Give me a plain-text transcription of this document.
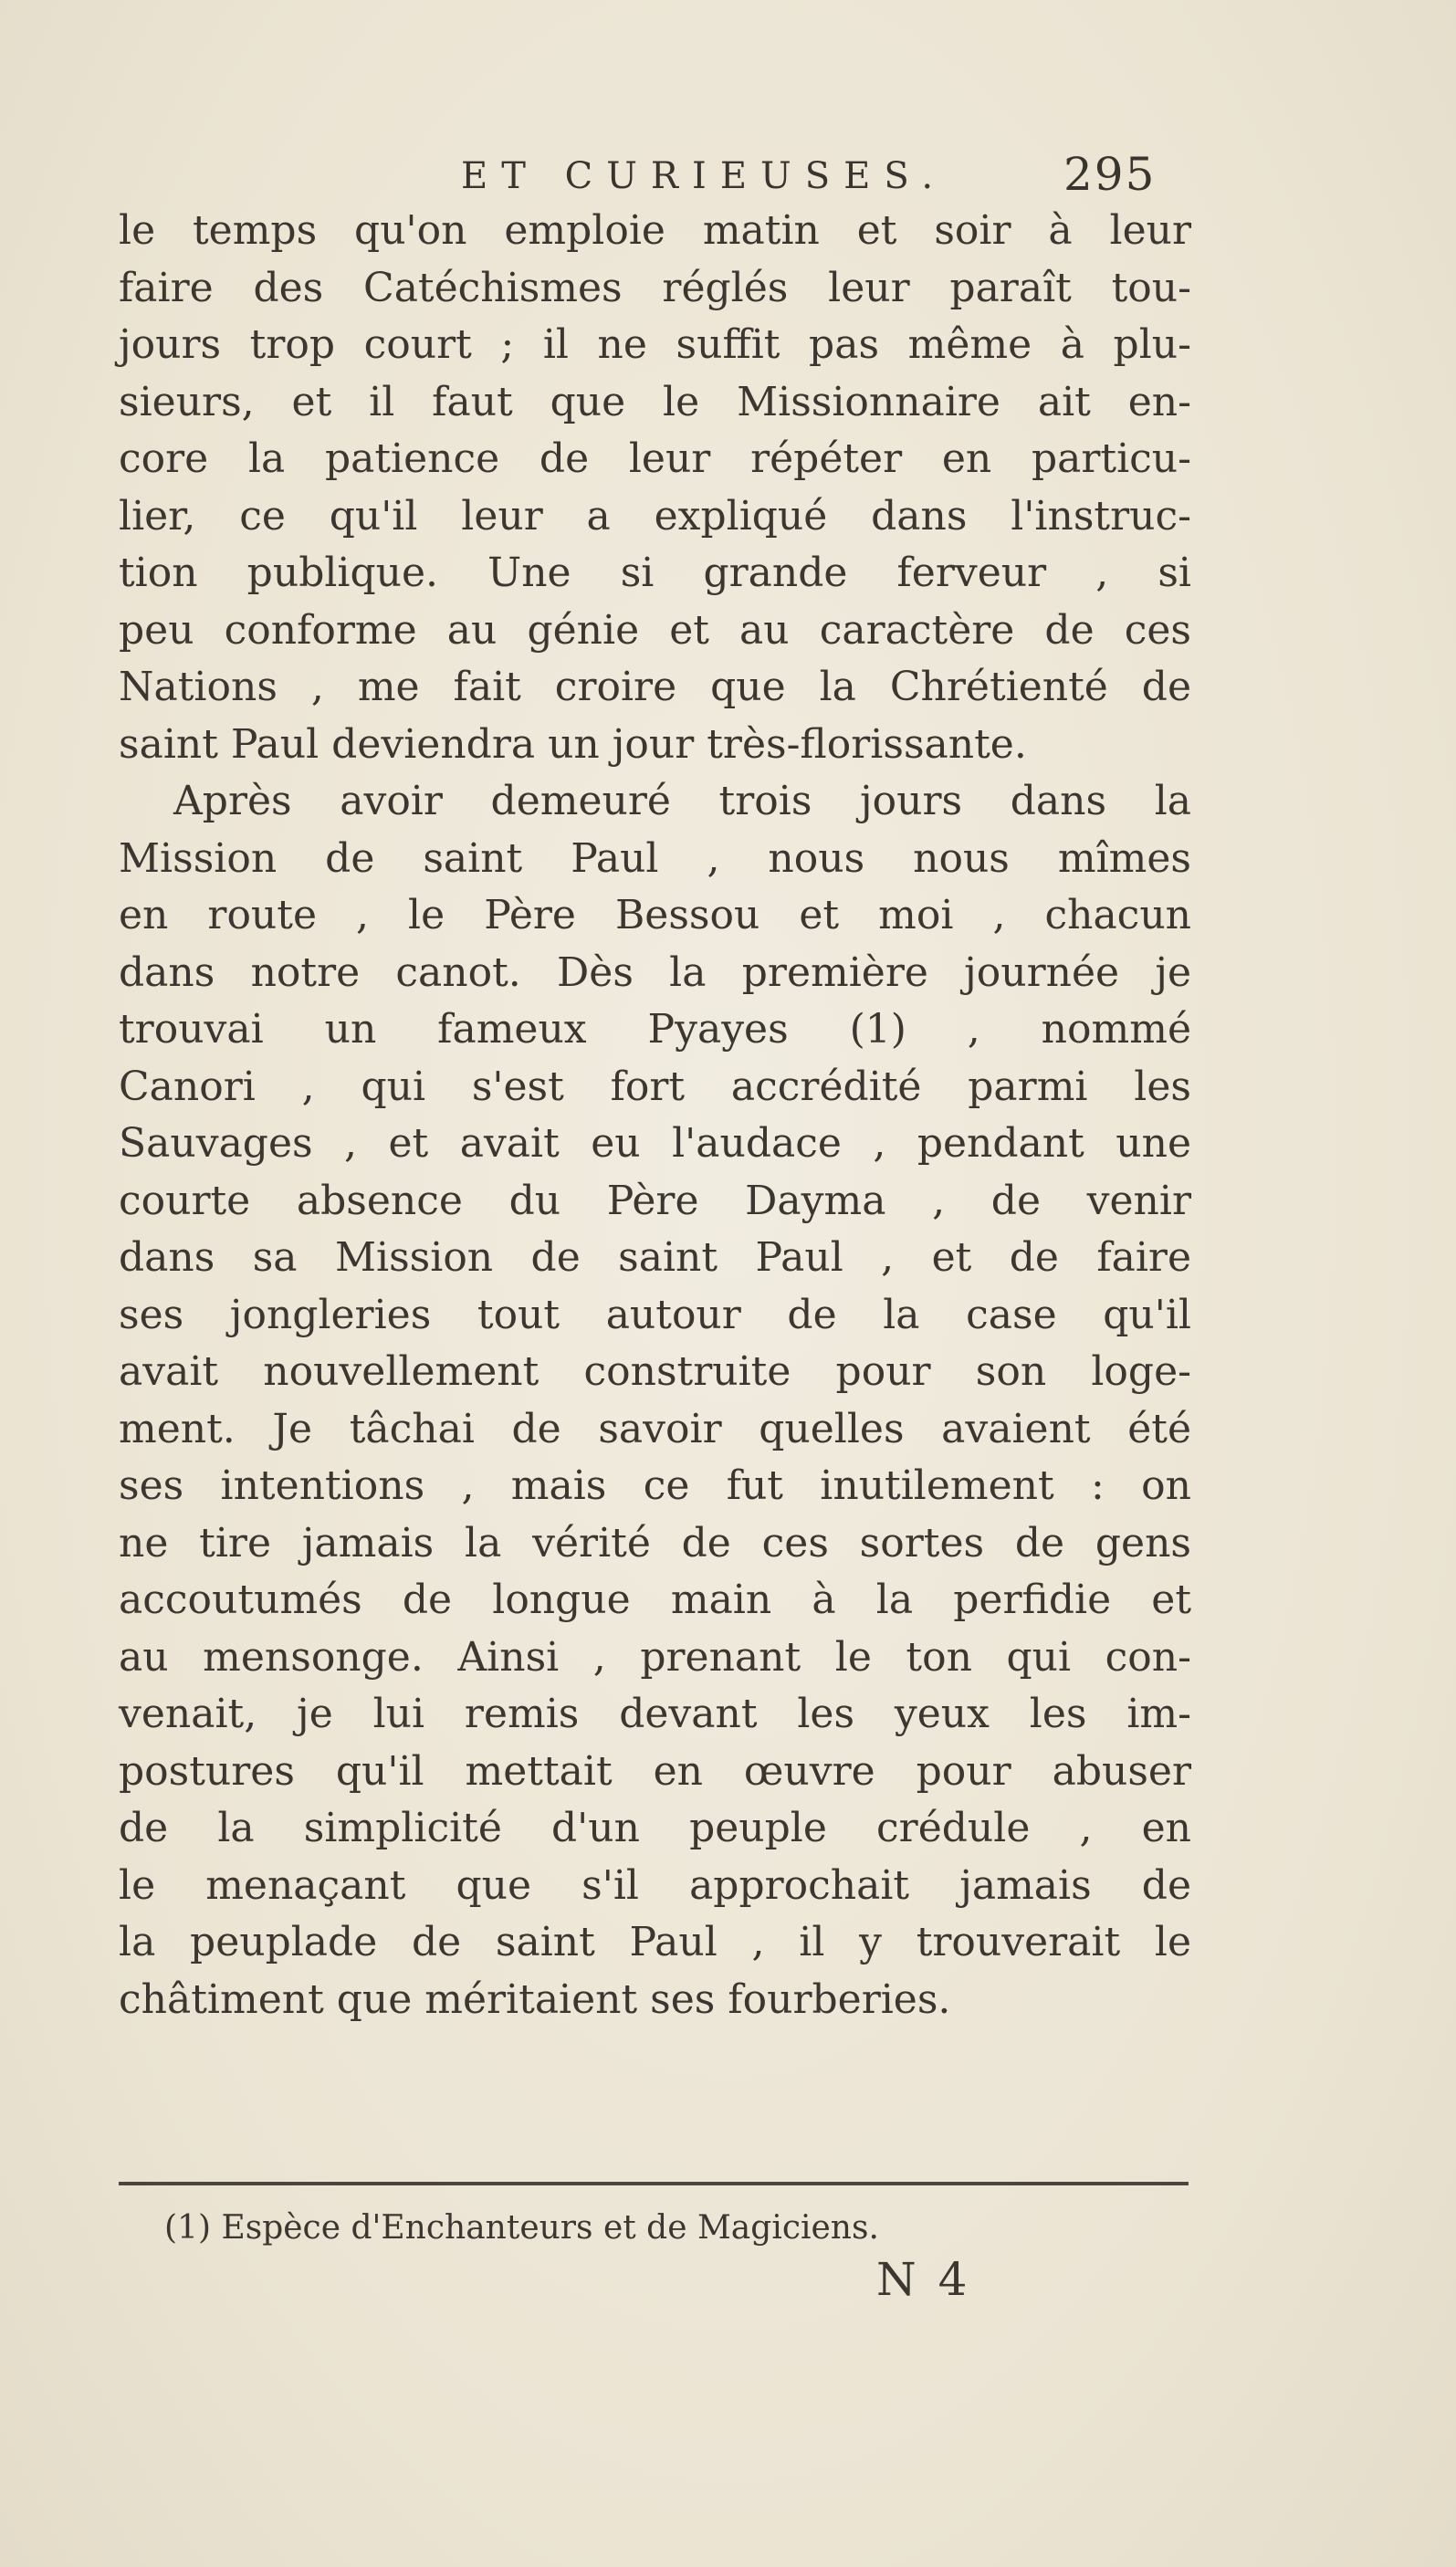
ET CURIEUSES.	295
le temps qu'on emploie matin et soir à leur
faire des Catéchismes réglés leur paraît tou-
jours trop court ; il ne suffit pas même à plu-
sieurs, et il faut que le Missionnaire ait en-
core la patience de leur répéter en particu-
lier, ce qu'il leur a expliqué dans l'instruc-
tion publique. Une si grande ferveur , si
peu conforme au génie et au caractère de ces
Nations , me fait croire que la Chrétienté de
saint Paul deviendra un jour très-florissante.
Après avoir demeuré trois jours dans la
Mission de saint Paul , nous nous mîmes
en route , le Père Bessou et moi , chacun
dans notre canot. Dès la première journée je
trouvai un fameux Pyayes (1) , nommé
Canori , qui s'est fort accrédité parmi les
Sauvages , et avait eu l'audace , pendant une
courte absence du Père Dayma , de venir
dans sa Mission de saint Paul , et de faire
ses jongleries tout autour de la case qu'il
avait nouvellement construite pour son loge-
ment. Je tâchai de savoir quelles avaient été
ses intentions , mais ce fut inutilement : on
ne tire jamais la vérité de ces sortes de gens
accoutumés de longue main à la perfidie et
au mensonge. Ainsi , prenant le ton qui con-
venait, je lui remis devant les yeux les im-
postures qu'il mettait en œuvre pour abuser
de la simplicité d'un peuple crédule , en
le menaçant que s'il approchait jamais de
la peuplade de saint Paul , il y trouverait le
châtiment que méritaient ses fourberies.
(1) Espèce d'Enchanteurs et de Magiciens.
N 4
